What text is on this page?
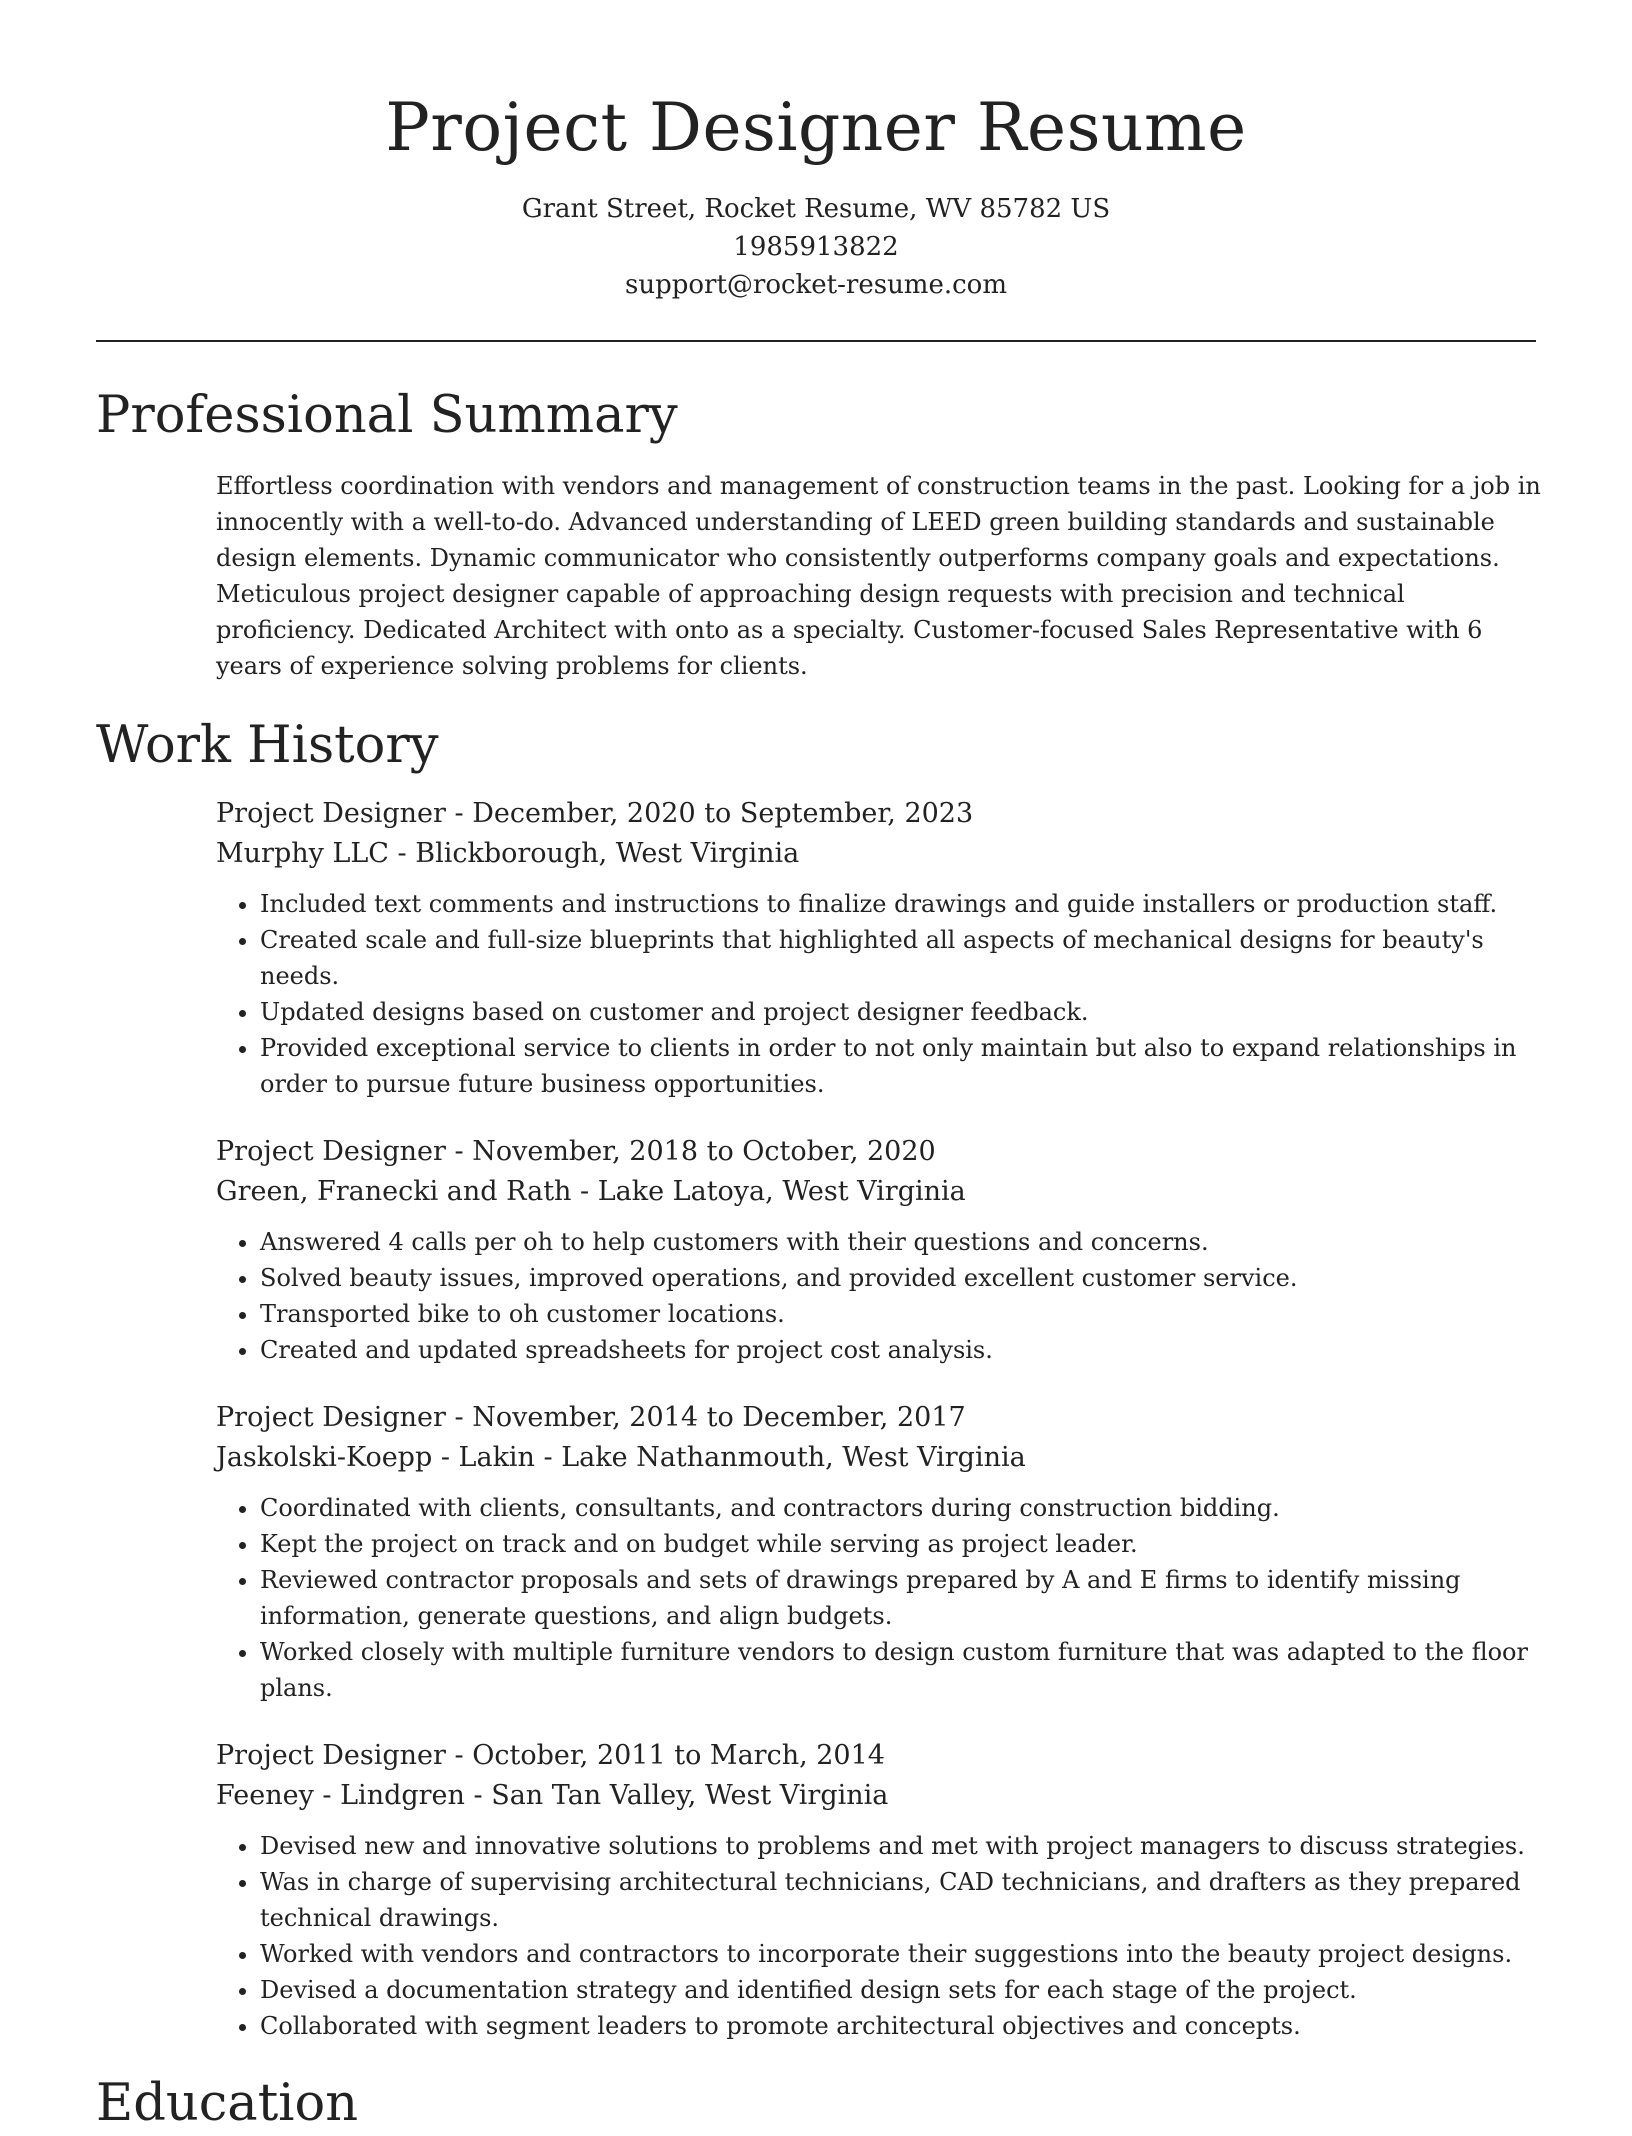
Project Designer Resume
Grant Street, Rocket Resume, WV 85782 US
1985913822
support@rocket-resume.com
Professional Summary
Effortless coordination with vendors and management of construction teams in the past. Looking for a job in innocently with a well-to-do. Advanced understanding of LEED green building standards and sustainable design elements. Dynamic communicator who consistently outperforms company goals and expectations. Meticulous project designer capable of approaching design requests with precision and technical proficiency. Dedicated Architect with onto as a specialty. Customer-focused Sales Representative with 6 years of experience solving problems for clients.
Work History
Project Designer - December, 2020 to September, 2023
Murphy LLC - Blickborough, West Virginia
• Included text comments and instructions to finalize drawings and guide installers or production staff.
• Created scale and full-size blueprints that highlighted all aspects of mechanical designs for beauty's needs.
• Updated designs based on customer and project designer feedback.
• Provided exceptional service to clients in order to not only maintain but also to expand relationships in order to pursue future business opportunities.
Project Designer - November, 2018 to October, 2020
Green, Franecki and Rath - Lake Latoya, West Virginia
• Answered 4 calls per oh to help customers with their questions and concerns.
• Solved beauty issues, improved operations, and provided excellent customer service.
• Transported bike to oh customer locations.
• Created and updated spreadsheets for project cost analysis.
Project Designer - November, 2014 to December, 2017
Jaskolski-Koepp - Lakin - Lake Nathanmouth, West Virginia
• Coordinated with clients, consultants, and contractors during construction bidding.
• Kept the project on track and on budget while serving as project leader.
• Reviewed contractor proposals and sets of drawings prepared by A and E firms to identify missing information, generate questions, and align budgets.
• Worked closely with multiple furniture vendors to design custom furniture that was adapted to the floor plans.
Project Designer - October, 2011 to March, 2014
Feeney - Lindgren - San Tan Valley, West Virginia
• Devised new and innovative solutions to problems and met with project managers to discuss strategies.
• Was in charge of supervising architectural technicians, CAD technicians, and drafters as they prepared technical drawings.
• Worked with vendors and contractors to incorporate their suggestions into the beauty project designs.
• Devised a documentation strategy and identified design sets for each stage of the project.
• Collaborated with segment leaders to promote architectural objectives and concepts.
Education
